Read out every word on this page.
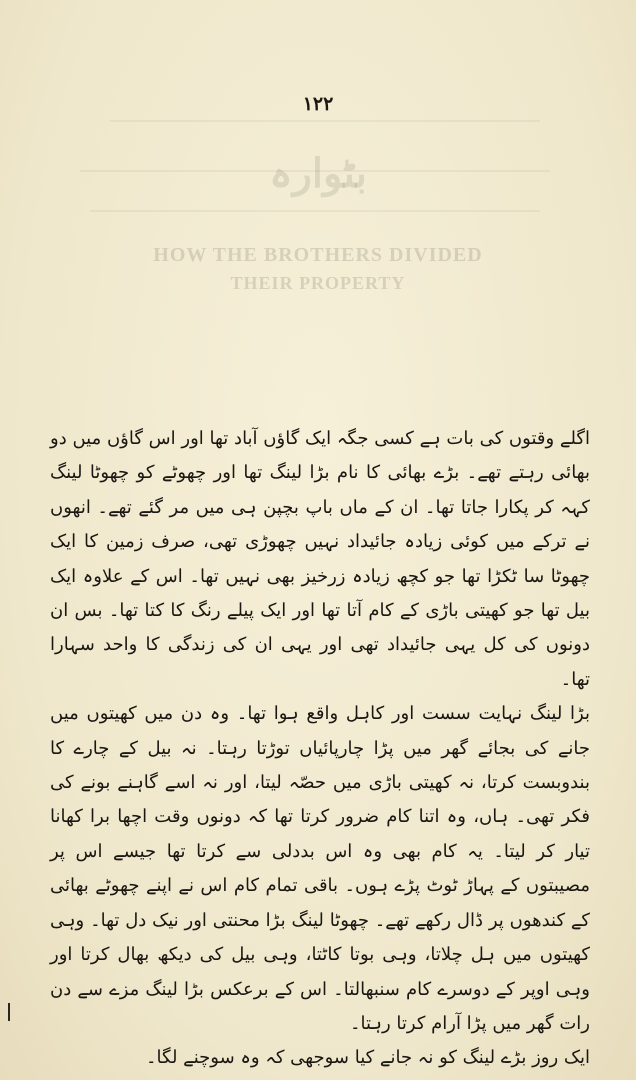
بٹوارہ
HOW THE BROTHERS DIVIDED
THEIR PROPERTY
۱۲۲

اگلے وقتوں کی بات ہے کسی جگہ ایک گاؤں آباد تھا اور اس گاؤں میں دو بھائی رہتے تھے۔ بڑے بھائی کا نام بڑا لینگ تھا اور چھوٹے کو چھوٹا لینگ کہہ کر پکارا جاتا تھا۔ ان کے ماں باپ بچپن ہی میں مر گئے تھے۔ انھوں نے ترکے میں کوئی زیادہ جائیداد نہیں چھوڑی تھی، صرف زمین کا ایک چھوٹا سا ٹکڑا تھا جو کچھ زیادہ زرخیز بھی نہیں تھا۔ اس کے علاوہ ایک بیل تھا جو کھیتی باڑی کے کام آتا تھا اور ایک پیلے رنگ کا کتا تھا۔ بس ان دونوں کی کل یہی جائیداد تھی اور یہی ان کی زندگی کا واحد سہارا تھا۔

بڑا لینگ نہایت سست اور کاہل واقع ہوا تھا۔ وہ دن میں کھیتوں میں جانے کی بجائے گھر میں پڑا چارپائیاں توڑتا رہتا۔ نہ بیل کے چارے کا بندوبست کرتا، نہ کھیتی باڑی میں حصّہ لیتا، اور نہ اسے گاہنے بونے کی فکر تھی۔ ہاں، وہ اتنا کام ضرور کرتا تھا کہ دونوں وقت اچھا برا کھانا تیار کر لیتا۔ یہ کام بھی وہ اس بددلی سے کرتا تھا جیسے اس پر مصیبتوں کے پہاڑ ٹوٹ پڑے ہوں۔ باقی تمام کام اس نے اپنے چھوٹے بھائی کے کندھوں پر ڈال رکھے تھے۔ چھوٹا لینگ بڑا محنتی اور نیک دل تھا۔ وہی کھیتوں میں ہل چلاتا، وہی بوتا کاٹتا، وہی بیل کی دیکھ بھال کرتا اور وہی اوپر کے دوسرے کام سنبھالتا۔ اس کے برعکس بڑا لینگ مزے سے دن رات گھر میں پڑا آرام کرتا رہتا۔

ایک روز بڑے لینگ کو نہ جانے کیا سوجھی کہ وہ سوچنے لگا۔
